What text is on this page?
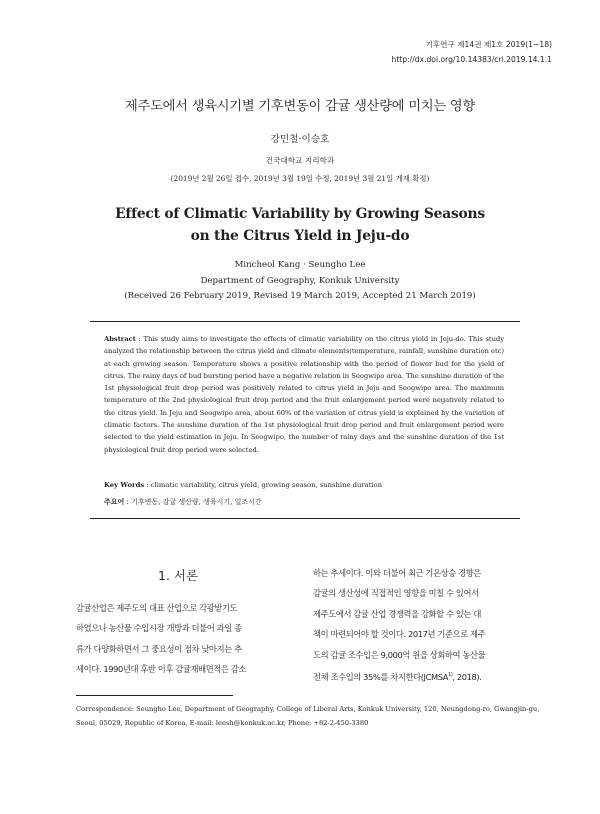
기후연구 제14권 제1호 2019(1−18)
http://dx.doi.org/10.14383/cri.2019.14.1.1
제주도에서 생육시기별 기후변동이 감귤 생산량에 미치는 영향
강민철·이승호
건국대학교 지리학과
(2019년 2월 26일 접수, 2019년 3월 19일 수정, 2019년 3월 21일 게재 확정)
Effect of Climatic Variability by Growing Seasons
on the Citrus Yield in Jeju-do
Mincheol Kang · Seungho Lee
Department of Geography, Konkuk University
(Received 26 February 2019, Revised 19 March 2019, Accepted 21 March 2019)
Abstract : This study aims to investigate the effects of climatic variability on the citrus yield in Jeju-do. This study analyzed the relationship between the citrus yield and climate elements(temperature, rainfall, sunshine duration etc) at each growing season. Temperature shows a positive relationship with the period of flower bud for the yield of citrus. The rainy days of bud bursting period have a negative relation in Seogwipo area. The sunshine duration of the 1st physiological fruit drop period was positively related to citrus yield in Jeju and Seogwipo area. The maximum temperature of the 2nd physiological fruit drop period and the fruit enlargement period were negatively related to the citrus yield. In Jeju and Seogwipo area, about 60% of the variation of citrus yield is explained by the variation of climatic factors. The sunshine duration of the 1st physiological fruit drop period and fruit enlargement period were selected to the yield estimation in Jeju. In Seogwipo, the number of rainy days and the sunshine duration of the 1st physiological fruit drop period were selected.
Key Words : climatic variability, citrus yield, growing season, sunshine duration
주요어 : 기후변동, 감귤 생산량, 생육시기, 일조시간
1. 서론
감귤산업은 제주도의 대표 산업으로 각광받기도
하였으나 농산물 수입시장 개방과 더불어 과일 종
류가 다양화하면서 그 중요성이 점차 낮아지는 추
세이다. 1990년대 후반 이후 감귤재배면적은 감소
하는 추세이다. 이와 더불어 최근 기온상승 경향은
감귤의 생산성에 직접적인 영향을 미칠 수 있어서
제주도에서 감귤 산업 경쟁력을 강화할 수 있는 대
책이 마련되어야 할 것이다. 2017년 기준으로 제주
도의 감귤 조수입은 9,000억 원을 상회하여 농산물
전체 조수입의 35%를 차지한다(JCMSA$^{1)}$, 2018).
Correspondence: Seungho Lee, Department of Geography, College of Liberal Arts, Konkuk University, 120, Neungdong-ro, Gwangjin-gu, Seoul, 05029, Republic of Korea, E-mail: leesh@konkuk.ac.kr, Phone: +82-2-450-3380
